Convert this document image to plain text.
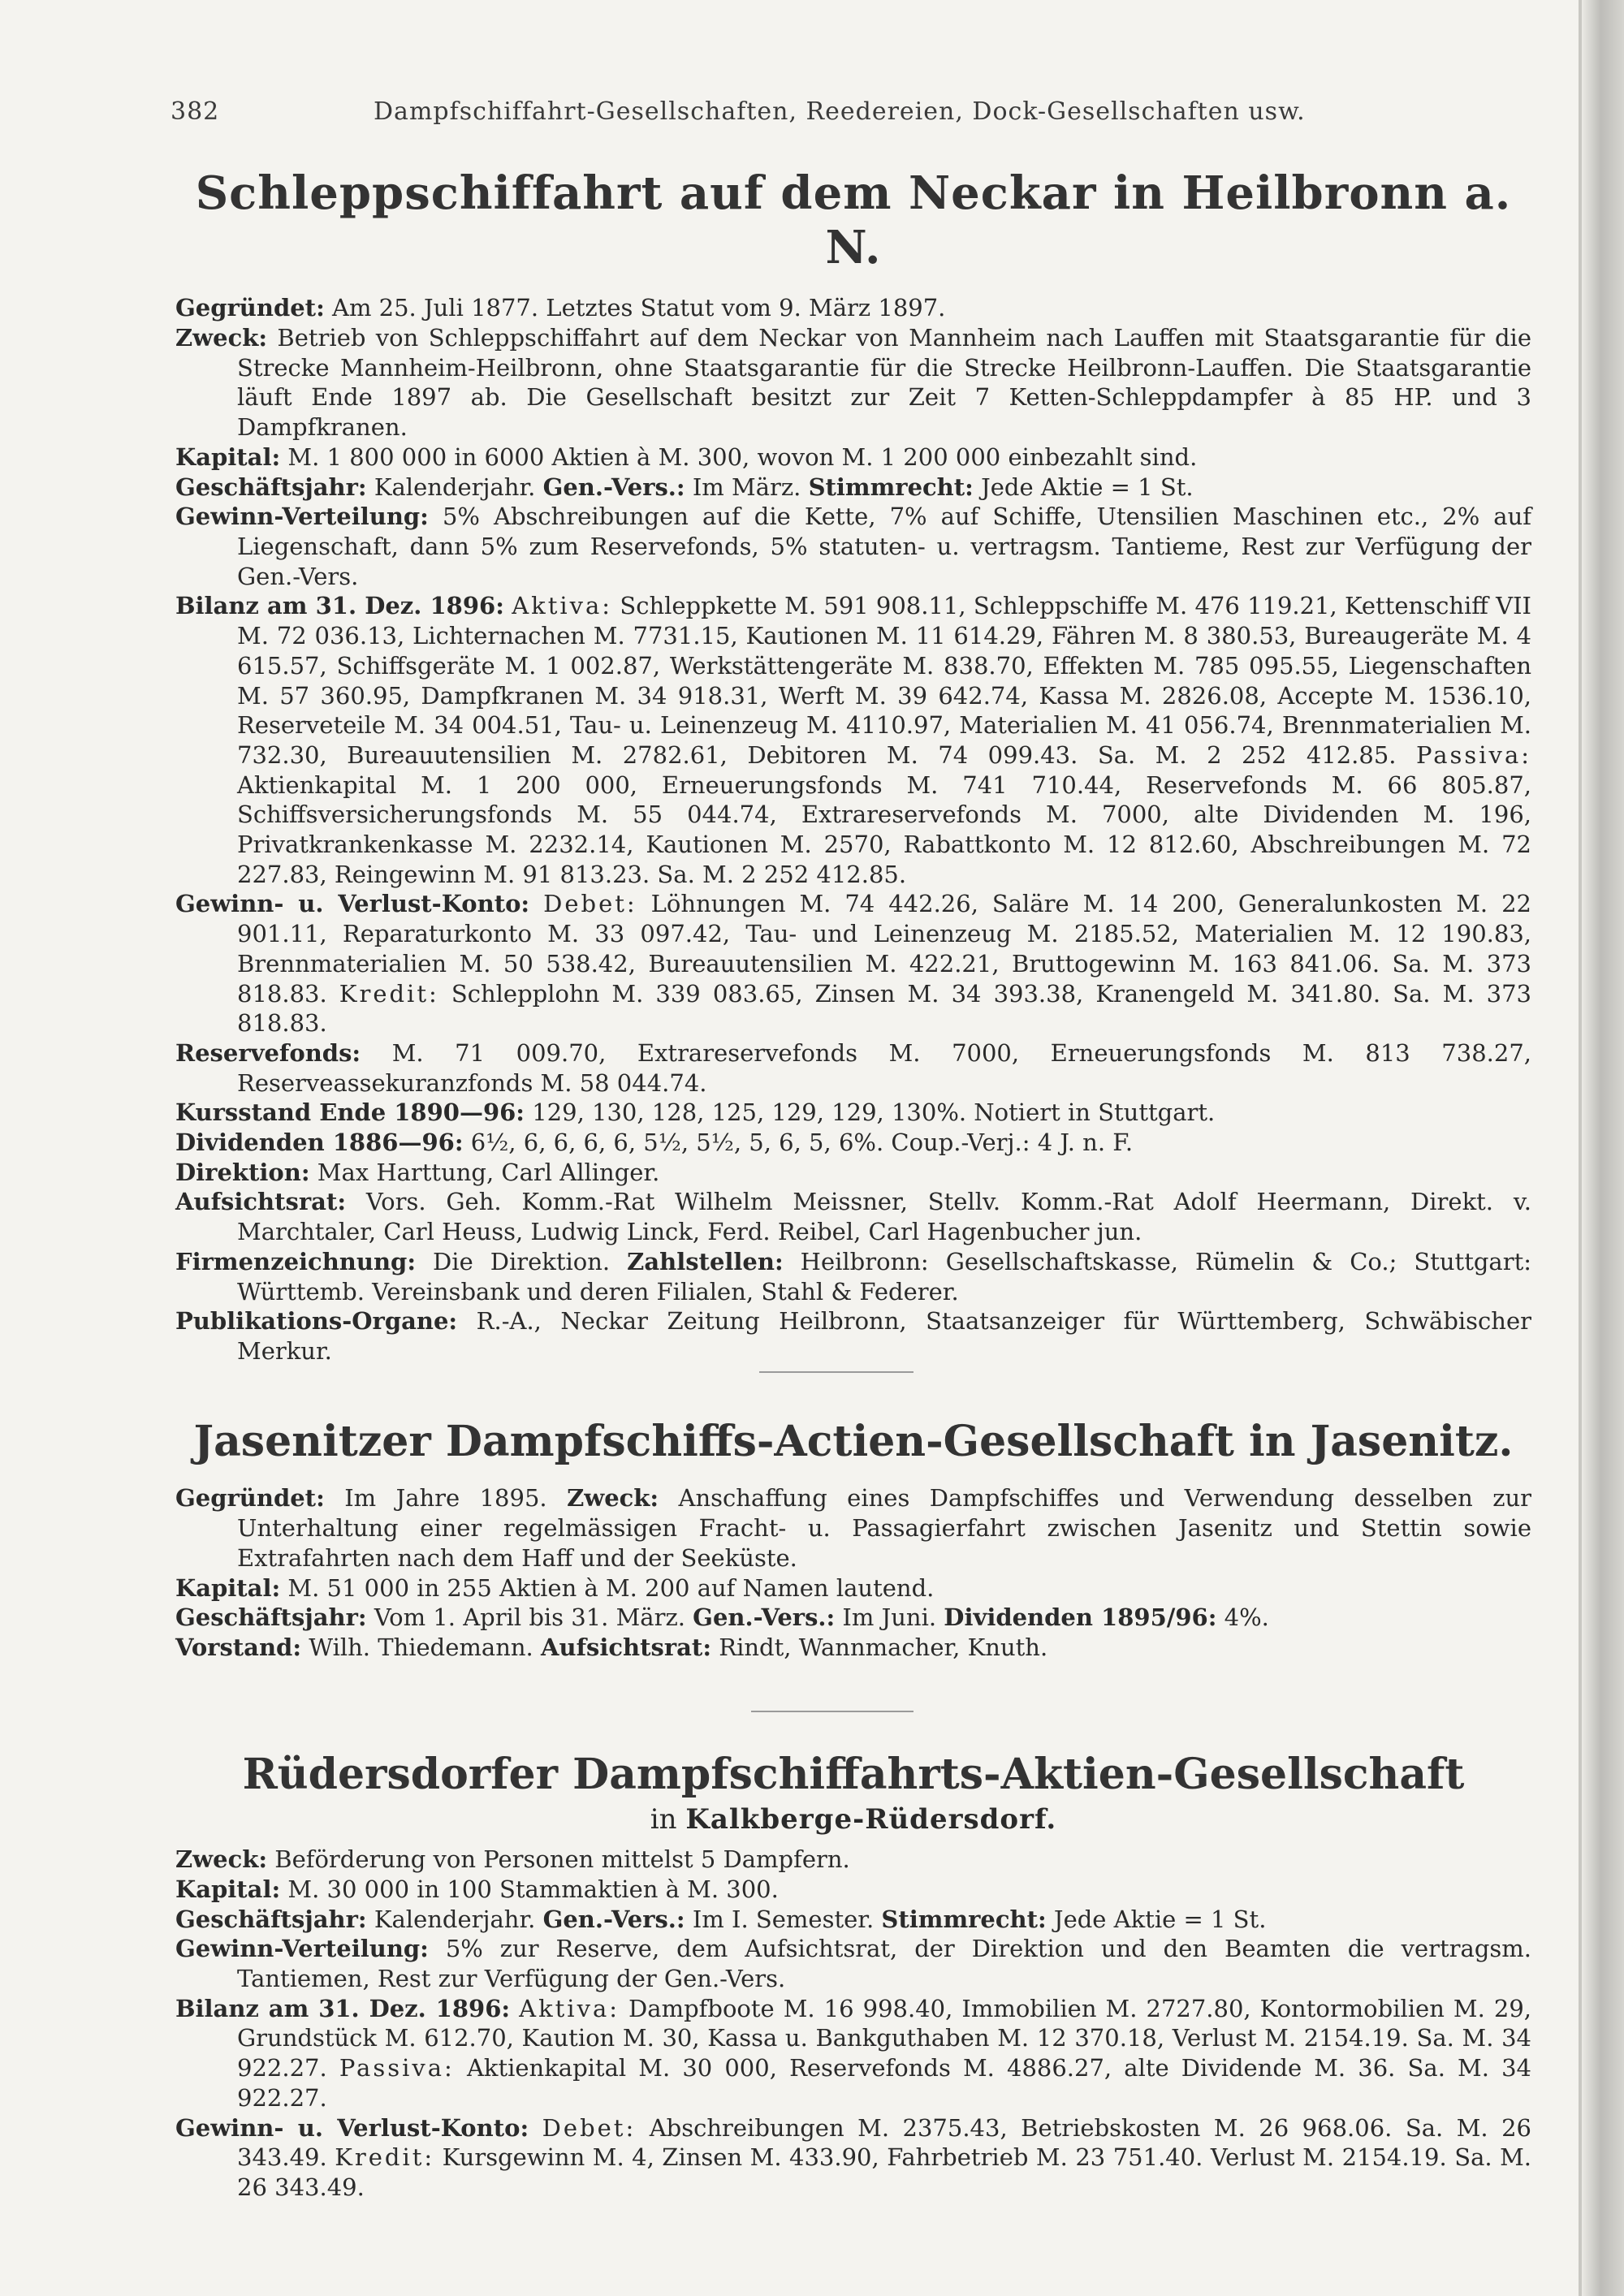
382	Dampfschiffahrt-Gesellschaften, Reedereien, Dock-Gesellschaften usw.
Schleppschiffahrt auf dem Neckar in Heilbronn a. N.

Gegründet: Am 25. Juli 1877. Letztes Statut vom 9. März 1897.

Zweck: Betrieb von Schleppschiffahrt auf dem Neckar von Mannheim nach Lauffen mit Staatsgarantie für die Strecke Mannheim-Heilbronn, ohne Staatsgarantie für die Strecke Heilbronn-Lauffen. Die Staatsgarantie läuft Ende 1897 ab. Die Gesellschaft besitzt zur Zeit 7 Ketten-Schleppdampfer à 85 HP. und 3 Dampfkranen.

Kapital: M. 1 800 000 in 6000 Aktien à M. 300, wovon M. 1 200 000 einbezahlt sind.

Geschäftsjahr: Kalenderjahr. Gen.-Vers.: Im März. Stimmrecht: Jede Aktie = 1 St.

Gewinn-Verteilung: 5% Abschreibungen auf die Kette, 7% auf Schiffe, Utensilien Maschinen etc., 2% auf Liegenschaft, dann 5% zum Reservefonds, 5% statuten- u. vertragsm. Tantieme, Rest zur Verfügung der Gen.-Vers.

Bilanz am 31. Dez. 1896: Aktiva: Schleppkette M. 591 908.11, Schleppschiffe M. 476 119.21, Kettenschiff VII M. 72 036.13, Lichternachen M. 7731.15, Kautionen M. 11 614.29, Fähren M. 8 380.53, Bureaugeräte M. 4 615.57, Schiffsgeräte M. 1 002.87, Werkstättengeräte M. 838.70, Effekten M. 785 095.55, Liegenschaften M. 57 360.95, Dampfkranen M. 34 918.31, Werft M. 39 642.74, Kassa M. 2826.08, Accepte M. 1536.10, Reserveteile M. 34 004.51, Tau- u. Leinenzeug M. 4110.97, Materialien M. 41 056.74, Brennmaterialien M. 732.30, Bureauutensilien M. 2782.61, Debitoren M. 74 099.43. Sa. M. 2 252 412.85. Passiva: Aktienkapital M. 1 200 000, Erneuerungsfonds M. 741 710.44, Reservefonds M. 66 805.87, Schiffsversicherungsfonds M. 55 044.74, Extrareservefonds M. 7000, alte Dividenden M. 196, Privatkrankenkasse M. 2232.14, Kautionen M. 2570, Rabattkonto M. 12 812.60, Abschreibungen M. 72 227.83, Reingewinn M. 91 813.23. Sa. M. 2 252 412.85.

Gewinn- u. Verlust-Konto: Debet: Löhnungen M. 74 442.26, Saläre M. 14 200, Generalunkosten M. 22 901.11, Reparaturkonto M. 33 097.42, Tau- und Leinenzeug M. 2185.52, Materialien M. 12 190.83, Brennmaterialien M. 50 538.42, Bureauutensilien M. 422.21, Bruttogewinn M. 163 841.06. Sa. M. 373 818.83. Kredit: Schlepplohn M. 339 083.65, Zinsen M. 34 393.38, Kranengeld M. 341.80. Sa. M. 373 818.83.

Reservefonds: M. 71 009.70, Extrareservefonds M. 7000, Erneuerungsfonds M. 813 738.27, Reserveassekuranzfonds M. 58 044.74.

Kursstand Ende 1890—96: 129, 130, 128, 125, 129, 129, 130%. Notiert in Stuttgart.

Dividenden 1886—96: 6½, 6, 6, 6, 6, 5½, 5½, 5, 6, 5, 6%. Coup.-Verj.: 4 J. n. F.

Direktion: Max Harttung, Carl Allinger.

Aufsichtsrat: Vors. Geh. Komm.-Rat Wilhelm Meissner, Stellv. Komm.-Rat Adolf Heermann, Direkt. v. Marchtaler, Carl Heuss, Ludwig Linck, Ferd. Reibel, Carl Hagenbucher jun.

Firmenzeichnung: Die Direktion. Zahlstellen: Heilbronn: Gesellschaftskasse, Rümelin & Co.; Stuttgart: Württemb. Vereinsbank und deren Filialen, Stahl & Federer.

Publikations-Organe: R.-A., Neckar Zeitung Heilbronn, Staatsanzeiger für Württemberg, Schwäbischer Merkur.

Jasenitzer Dampfschiffs-Actien-Gesellschaft in Jasenitz.

Gegründet: Im Jahre 1895. Zweck: Anschaffung eines Dampfschiffes und Verwendung desselben zur Unterhaltung einer regelmässigen Fracht- u. Passagierfahrt zwischen Jasenitz und Stettin sowie Extrafahrten nach dem Haff und der Seeküste.

Kapital: M. 51 000 in 255 Aktien à M. 200 auf Namen lautend.

Geschäftsjahr: Vom 1. April bis 31. März. Gen.-Vers.: Im Juni. Dividenden 1895/96: 4%.

Vorstand: Wilh. Thiedemann. Aufsichtsrat: Rindt, Wannmacher, Knuth.

Rüdersdorfer Dampfschiffahrts-Aktien-Gesellschaft
in Kalkberge-Rüdersdorf.

Zweck: Beförderung von Personen mittelst 5 Dampfern.

Kapital: M. 30 000 in 100 Stammaktien à M. 300.

Geschäftsjahr: Kalenderjahr. Gen.-Vers.: Im I. Semester. Stimmrecht: Jede Aktie = 1 St.

Gewinn-Verteilung: 5% zur Reserve, dem Aufsichtsrat, der Direktion und den Beamten die vertragsm. Tantiemen, Rest zur Verfügung der Gen.-Vers.

Bilanz am 31. Dez. 1896: Aktiva: Dampfboote M. 16 998.40, Immobilien M. 2727.80, Kontormobilien M. 29, Grundstück M. 612.70, Kaution M. 30, Kassa u. Bankguthaben M. 12 370.18, Verlust M. 2154.19. Sa. M. 34 922.27. Passiva: Aktienkapital M. 30 000, Reservefonds M. 4886.27, alte Dividende M. 36. Sa. M. 34 922.27.

Gewinn- u. Verlust-Konto: Debet: Abschreibungen M. 2375.43, Betriebskosten M. 26 968.06. Sa. M. 26 343.49. Kredit: Kursgewinn M. 4, Zinsen M. 433.90, Fahrbetrieb M. 23 751.40. Verlust M. 2154.19. Sa. M. 26 343.49.
